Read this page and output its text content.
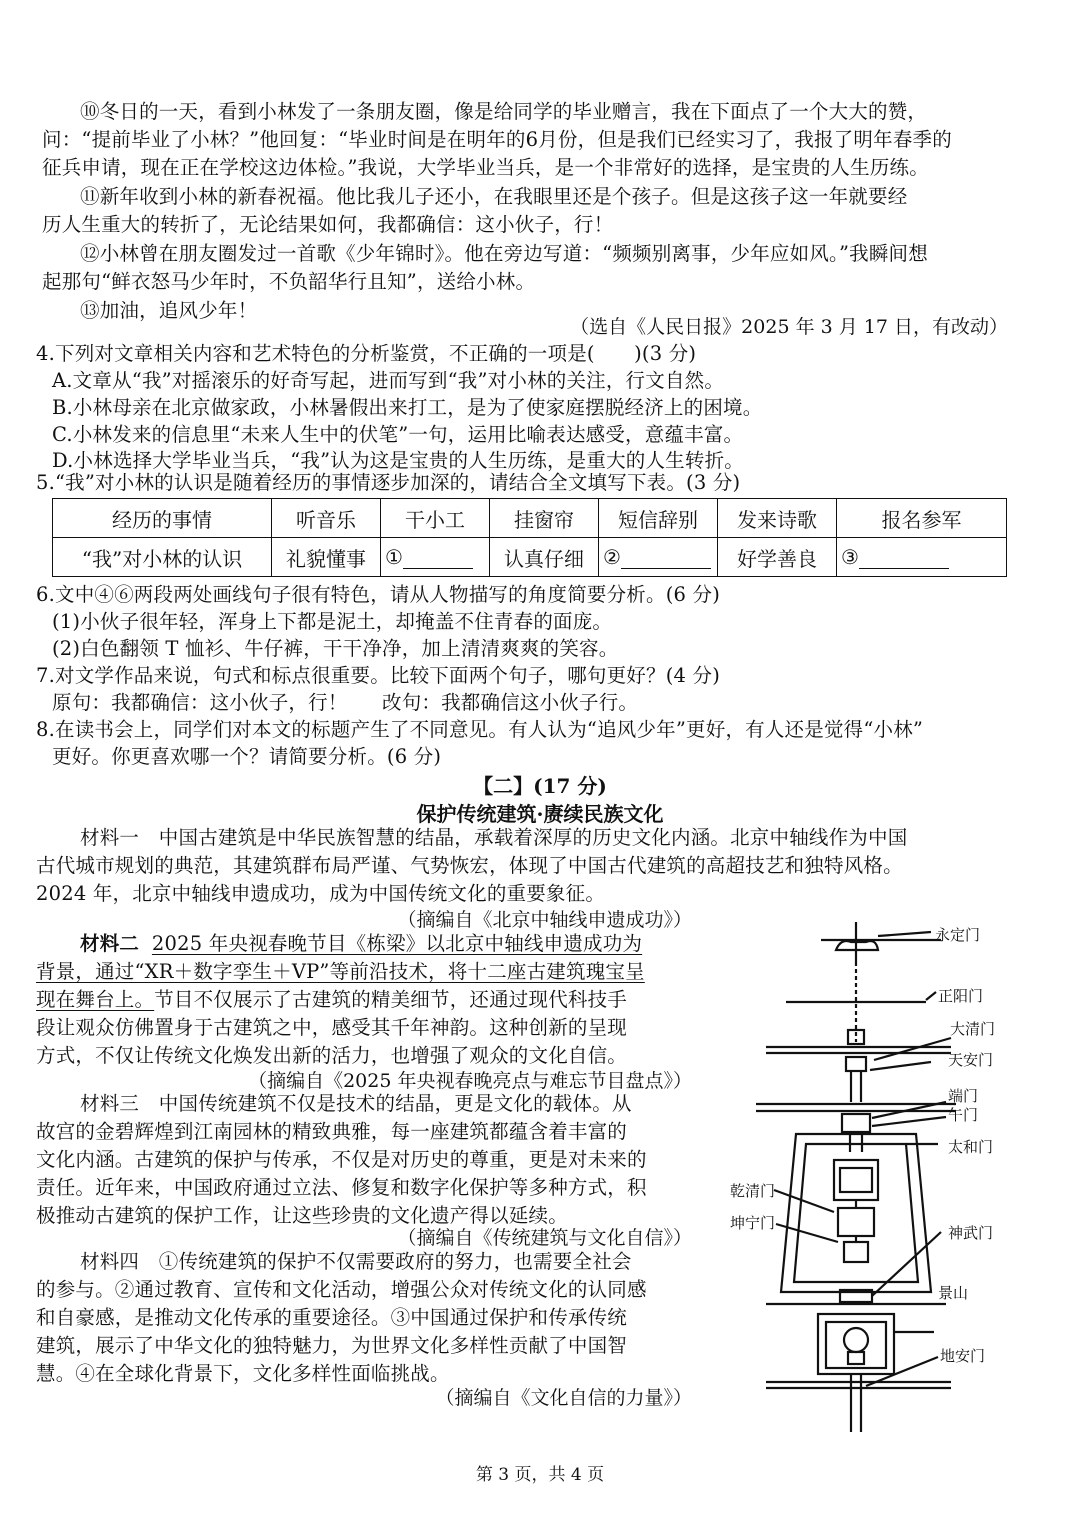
⑩冬日的一天，看到小林发了一条朋友圈，像是给同学的毕业赠言，我在下面点了一个大大的赞，
问：“提前毕业了小林？”他回复：“毕业时间是在明年的6月份，但是我们已经实习了，我报了明年春季的
征兵申请，现在正在学校这边体检。”我说，大学毕业当兵，是一个非常好的选择，是宝贵的人生历练。
⑪新年收到小林的新春祝福。他比我儿子还小，在我眼里还是个孩子。但是这孩子这一年就要经
历人生重大的转折了，无论结果如何，我都确信：这小伙子，行！
⑫小林曾在朋友圈发过一首歌《少年锦时》。他在旁边写道：“频频别离事，少年应如风。”我瞬间想
起那句“鲜衣怒马少年时，不负韶华行且知”，送给小林。
⑬加油，追风少年！
（选自《人民日报》2025 年 3 月 17 日，有改动）
4.下列对文章相关内容和艺术特色的分析鉴赏，不正确的一项是(　　)(3 分)
A.文章从“我”对摇滚乐的好奇写起，进而写到“我”对小林的关注，行文自然。
B.小林母亲在北京做家政，小林暑假出来打工，是为了使家庭摆脱经济上的困境。
C.小林发来的信息里“未来人生中的伏笔”一句，运用比喻表达感受，意蕴丰富。
D.小林选择大学毕业当兵，“我”认为这是宝贵的人生历练，是重大的人生转折。
5.“我”对小林的认识是随着经历的事情逐步加深的，请结合全文填写下表。(3 分)
经历的事情	听音乐	干小工	挂窗帘	短信辞别	发来诗歌	报名参军
“我”对小林的认识	礼貌懂事	①	认真仔细	②	好学善良	③
6.文中④⑥两段两处画线句子很有特色，请从人物描写的角度简要分析。(6 分)
(1)小伙子很年轻，浑身上下都是泥土，却掩盖不住青春的面庞。
(2)白色翻领 T 恤衫、牛仔裤，干干净净，加上清清爽爽的笑容。
7.对文学作品来说，句式和标点很重要。比较下面两个句子，哪句更好？(4 分)
原句：我都确信：这小伙子，行！ 改句：我都确信这小伙子行。
8.在读书会上，同学们对本文的标题产生了不同意见。有人认为“追风少年”更好，有人还是觉得“小林”
更好。你更喜欢哪一个？请简要分析。(6 分)
【二】(17 分)
保护传统建筑·赓续民族文化
材料一　中国古建筑是中华民族智慧的结晶，承载着深厚的历史文化内涵。北京中轴线作为中国
古代城市规划的典范，其建筑群布局严谨、气势恢宏，体现了中国古代建筑的高超技艺和独特风格。
2024 年，北京中轴线申遗成功，成为中国传统文化的重要象征。
（摘编自《北京中轴线申遗成功》）
材料二 2025 年央视春晚节目《栋梁》以北京中轴线申遗成功为
背景，通过“XR＋数字孪生＋VP”等前沿技术，将十二座古建筑瑰宝呈
现在舞台上。节目不仅展示了古建筑的精美细节，还通过现代科技手
段让观众仿佛置身于古建筑之中，感受其千年神韵。这种创新的呈现
方式，不仅让传统文化焕发出新的活力，也增强了观众的文化自信。
（摘编自《2025 年央视春晚亮点与难忘节目盘点》）
材料三　中国传统建筑不仅是技术的结晶，更是文化的载体。从
故宫的金碧辉煌到江南园林的精致典雅，每一座建筑都蕴含着丰富的
文化内涵。古建筑的保护与传承，不仅是对历史的尊重，更是对未来的
责任。近年来，中国政府通过立法、修复和数字化保护等多种方式，积
极推动古建筑的保护工作，让这些珍贵的文化遗产得以延续。
（摘编自《传统建筑与文化自信》）
材料四　①传统建筑的保护不仅需要政府的努力，也需要全社会
的参与。②通过教育、宣传和文化活动，增强公众对传统文化的认同感
和自豪感，是推动文化传承的重要途径。③中国通过保护和传承传统
建筑，展示了中华文化的独特魅力，为世界文化多样性贡献了中国智
慧。④在全球化背景下，文化多样性面临挑战。
（摘编自《文化自信的力量》）
永定门
正阳门
大清门
天安门
端门
午门
太和门
乾清门
坤宁门
神武门
景山
地安门
第 3 页，共 4 页
